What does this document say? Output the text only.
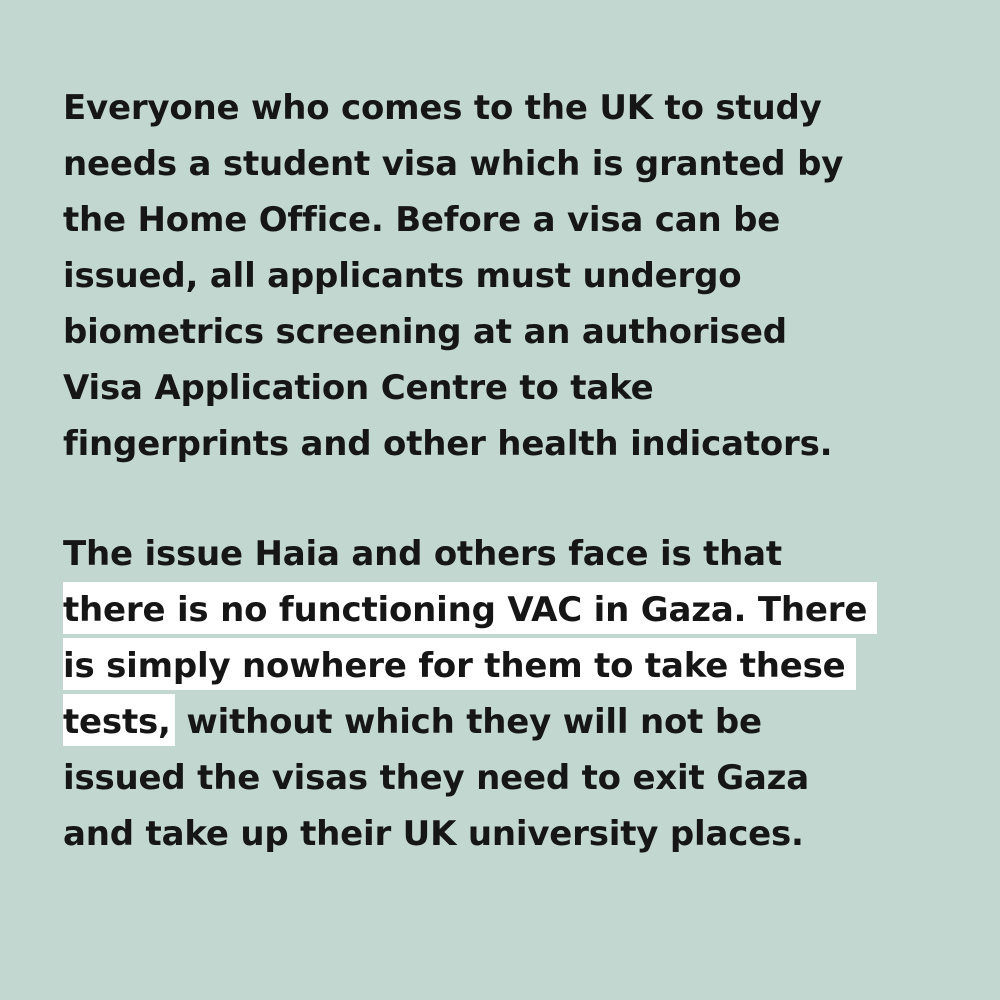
Everyone who comes to the UK to study
needs a student visa which is granted by
the Home Office. Before a visa can be
issued, all applicants must undergo
biometrics screening at an authorised
Visa Application Centre to take
fingerprints and other health indicators.
The issue Haia and others face is that
there is no functioning VAC in Gaza. There
is simply nowhere for them to take these
tests, without which they will not be
issued the visas they need to exit Gaza
and take up their UK university places.
